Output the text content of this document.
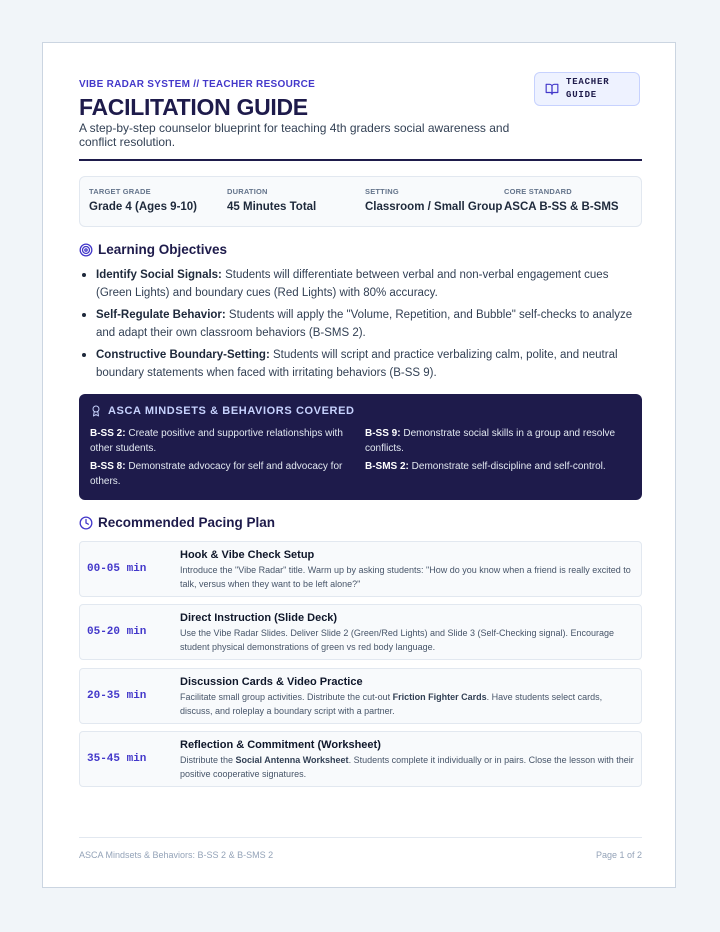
VIBE RADAR SYSTEM // TEACHER RESOURCE	TEACHER GUIDE
FACILITATION GUIDE
A step-by-step counselor blueprint for teaching 4th graders social awareness and conflict resolution.
TARGET GRADE
Grade 4 (Ages 9-10)
DURATION
45 Minutes Total
SETTING
Classroom / Small Group
CORE STANDARD
ASCA B-SS & B-SMS
Learning Objectives
Identify Social Signals: Students will differentiate between verbal and non-verbal engagement cues (Green Lights) and boundary cues (Red Lights) with 80% accuracy.
Self-Regulate Behavior: Students will apply the "Volume, Repetition, and Bubble" self-checks to analyze and adapt their own classroom behaviors (B-SMS 2).
Constructive Boundary-Setting: Students will script and practice verbalizing calm, polite, and neutral boundary statements when faced with irritating behaviors (B-SS 9).
ASCA MINDSETS & BEHAVIORS COVERED
B-SS 2: Create positive and supportive relationships with other students.
B-SS 9: Demonstrate social skills in a group and resolve conflicts.
B-SS 8: Demonstrate advocacy for self and advocacy for others.
B-SMS 2: Demonstrate self-discipline and self-control.
Recommended Pacing Plan
00-05 min
Hook & Vibe Check Setup
Introduce the "Vibe Radar" title. Warm up by asking students: "How do you know when a friend is really excited to talk, versus when they want to be left alone?"
05-20 min
Direct Instruction (Slide Deck)
Use the Vibe Radar Slides. Deliver Slide 2 (Green/Red Lights) and Slide 3 (Self-Checking signal). Encourage student physical demonstrations of green vs red body language.
20-35 min
Discussion Cards & Video Practice
Facilitate small group activities. Distribute the cut-out Friction Fighter Cards. Have students select cards, discuss, and roleplay a boundary script with a partner.
35-45 min
Reflection & Commitment (Worksheet)
Distribute the Social Antenna Worksheet. Students complete it individually or in pairs. Close the lesson with their positive cooperative signatures.
ASCA Mindsets & Behaviors: B-SS 2 & B-SMS 2	Page 1 of 2
